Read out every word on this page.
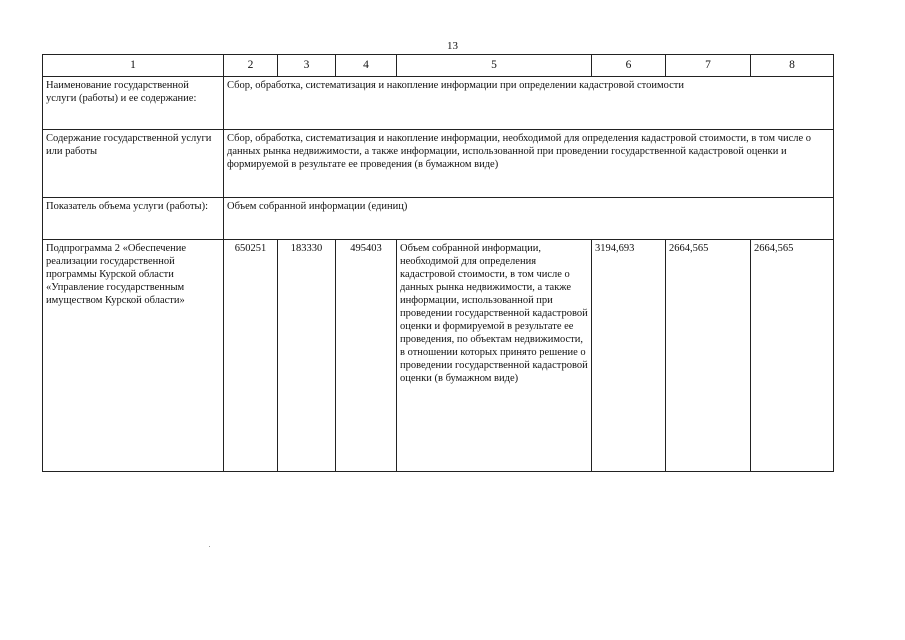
13
1	2	3	4	5	6	7	8
Наименование государственной услуги (работы) и ее содержание:	Сбор, обработка, систематизация и накопление информации при определении кадастровой стоимости						
Содержание государственной услуги или работы	Сбор, обработка, систематизация и накопление информации, необходимой для определения кадастровой стоимости, в том числе о данных рынка недвижимости, а также информации, использованной при проведении государственной кадастровой оценки и формируемой в результате ее проведения (в бумажном виде)						
Показатель объема услуги (работы):	Объем собранной информации (единиц)						
Подпрограмма 2 «Обеспечение реализации государственной программы Курской области «Управление государственным имуществом Курской области»	650251	183330	495403	Объем собранной информации, необходимой для определения кадастровой стоимости, в том числе о данных рынка недвижимости, а также информации, использованной при проведении государственной кадастровой оценки и формируемой в результате ее проведения, по объектам недвижимости, в отношении которых принято решение о проведении государственной кадастровой оценки (в бумажном виде)	3194,693	2664,565	2664,565
